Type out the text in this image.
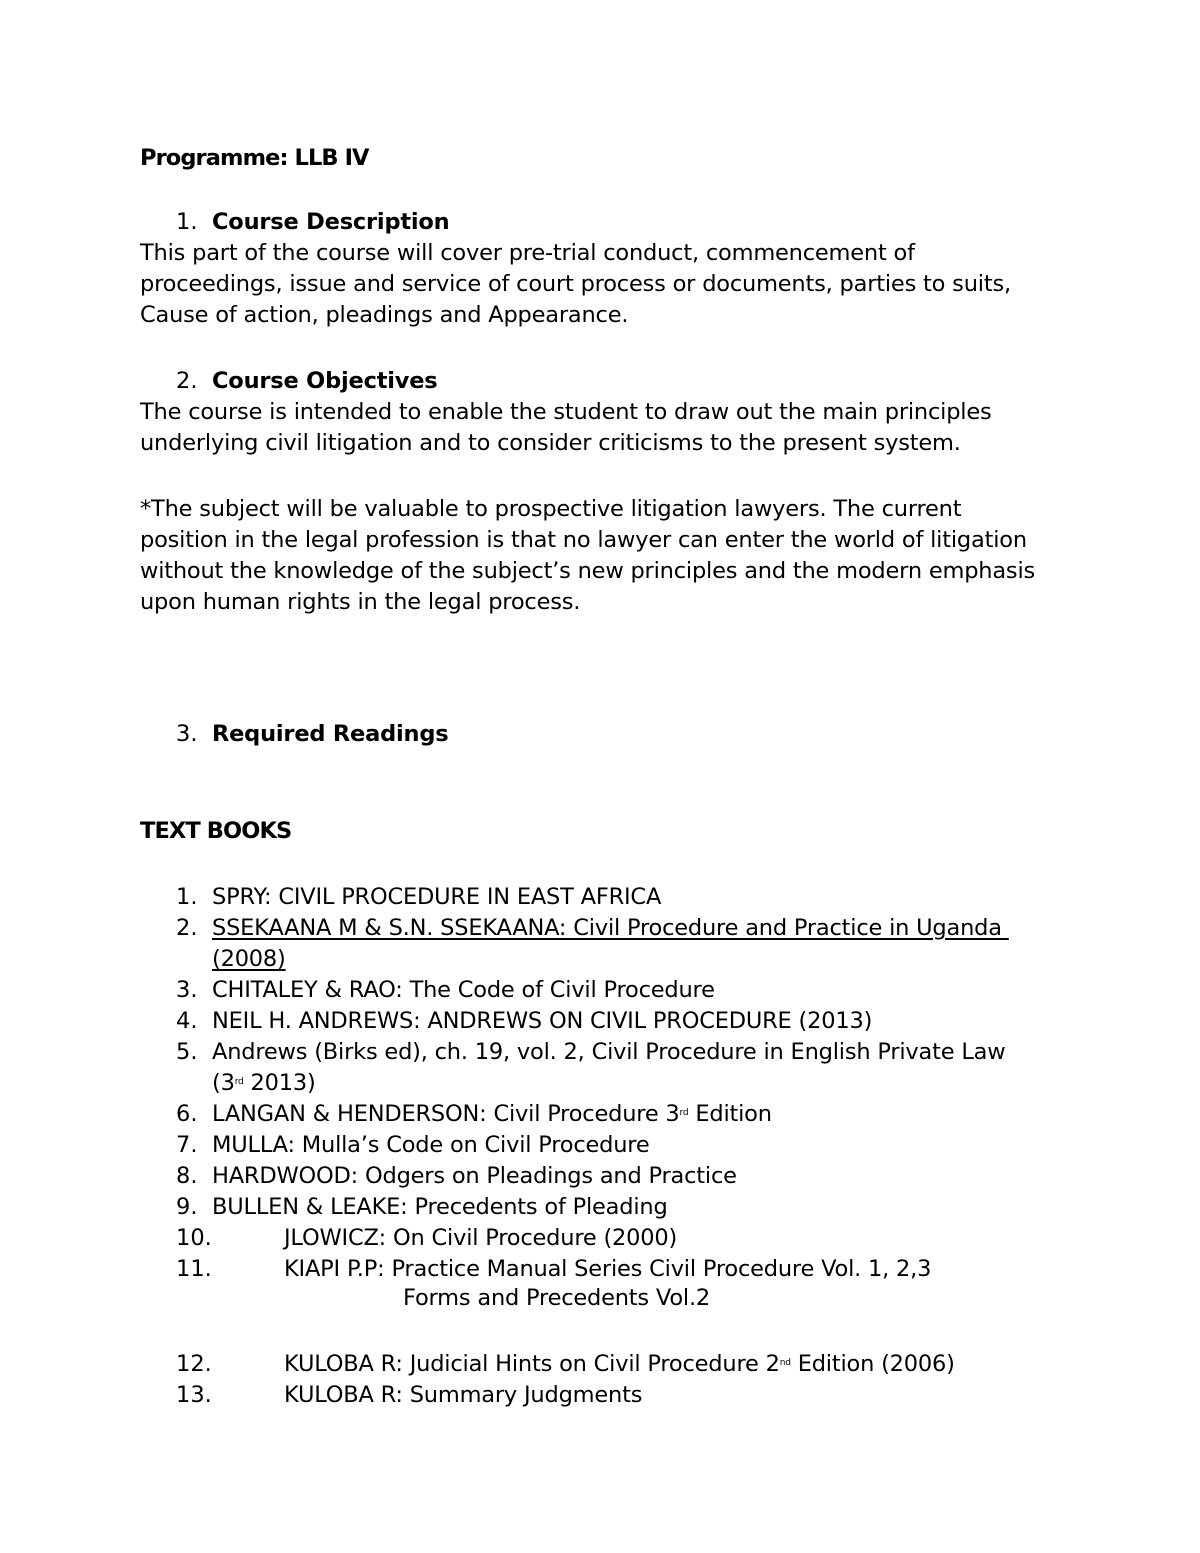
Programme: LLB IV
1. Course Description
This part of the course will cover pre-trial conduct, commencement of
proceedings, issue and service of court process or documents, parties to suits,
Cause of action, pleadings and Appearance.
2. Course Objectives
The course is intended to enable the student to draw out the main principles
underlying civil litigation and to consider criticisms to the present system.
*The subject will be valuable to prospective litigation lawyers. The current
position in the legal profession is that no lawyer can enter the world of litigation
without the knowledge of the subject’s new principles and the modern emphasis
upon human rights in the legal process.
3. Required Readings
TEXT BOOKS
1. SPRY: CIVIL PROCEDURE IN EAST AFRICA
2. SSEKAANA M & S.N. SSEKAANA: Civil Procedure and Practice in Uganda
(2008)
3. CHITALEY & RAO: The Code of Civil Procedure
4. NEIL H. ANDREWS: ANDREWS ON CIVIL PROCEDURE (2013)
5. Andrews (Birks ed), ch. 19, vol. 2, Civil Procedure in English Private Law
(3rd 2013)
6. LANGAN & HENDERSON: Civil Procedure 3rd Edition
7. MULLA: Mulla’s Code on Civil Procedure
8. HARDWOOD: Odgers on Pleadings and Practice
9. BULLEN & LEAKE: Precedents of Pleading
10.	JLOWICZ: On Civil Procedure (2000)
11.	KIAPI P.P: Practice Manual Series Civil Procedure Vol. 1, 2,3
Forms and Precedents Vol.2
12.	KULOBA R: Judicial Hints on Civil Procedure 2nd Edition (2006)
13.	KULOBA R: Summary Judgments
